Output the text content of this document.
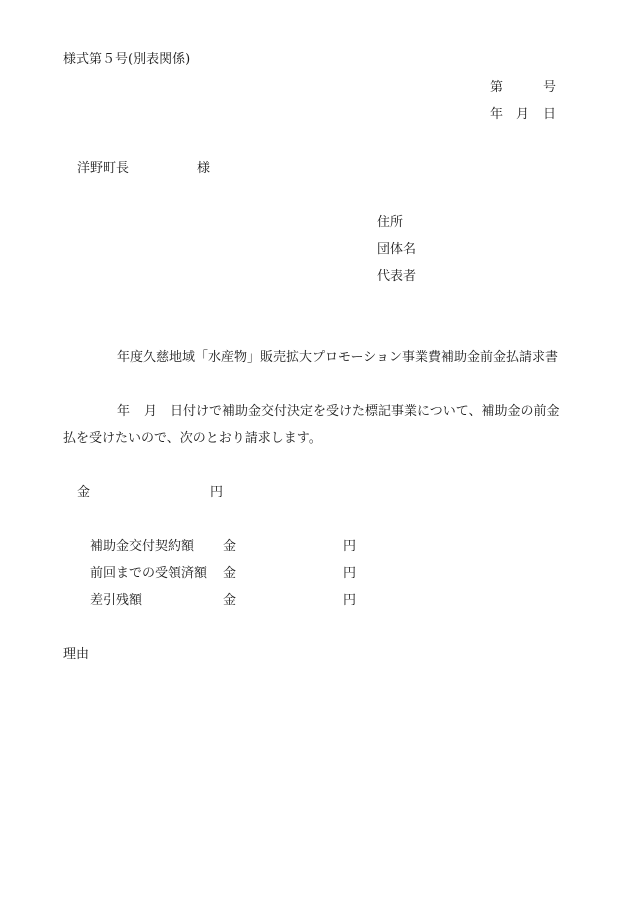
様式第５号(別表関係)
第	号
年 月 日
洋野町長	様
住所
団体名
代表者
年度久慈地域「水産物」販売拡大プロモーション事業費補助金前金払請求書
年 月 日付けで補助金交付決定を受けた標記事業について、補助金の前金
払を受けたいので、次のとおり請求します。
金	円
補助金交付契約額 金	円
前回までの受領済額 金	円
差引残額	金	円
理由
